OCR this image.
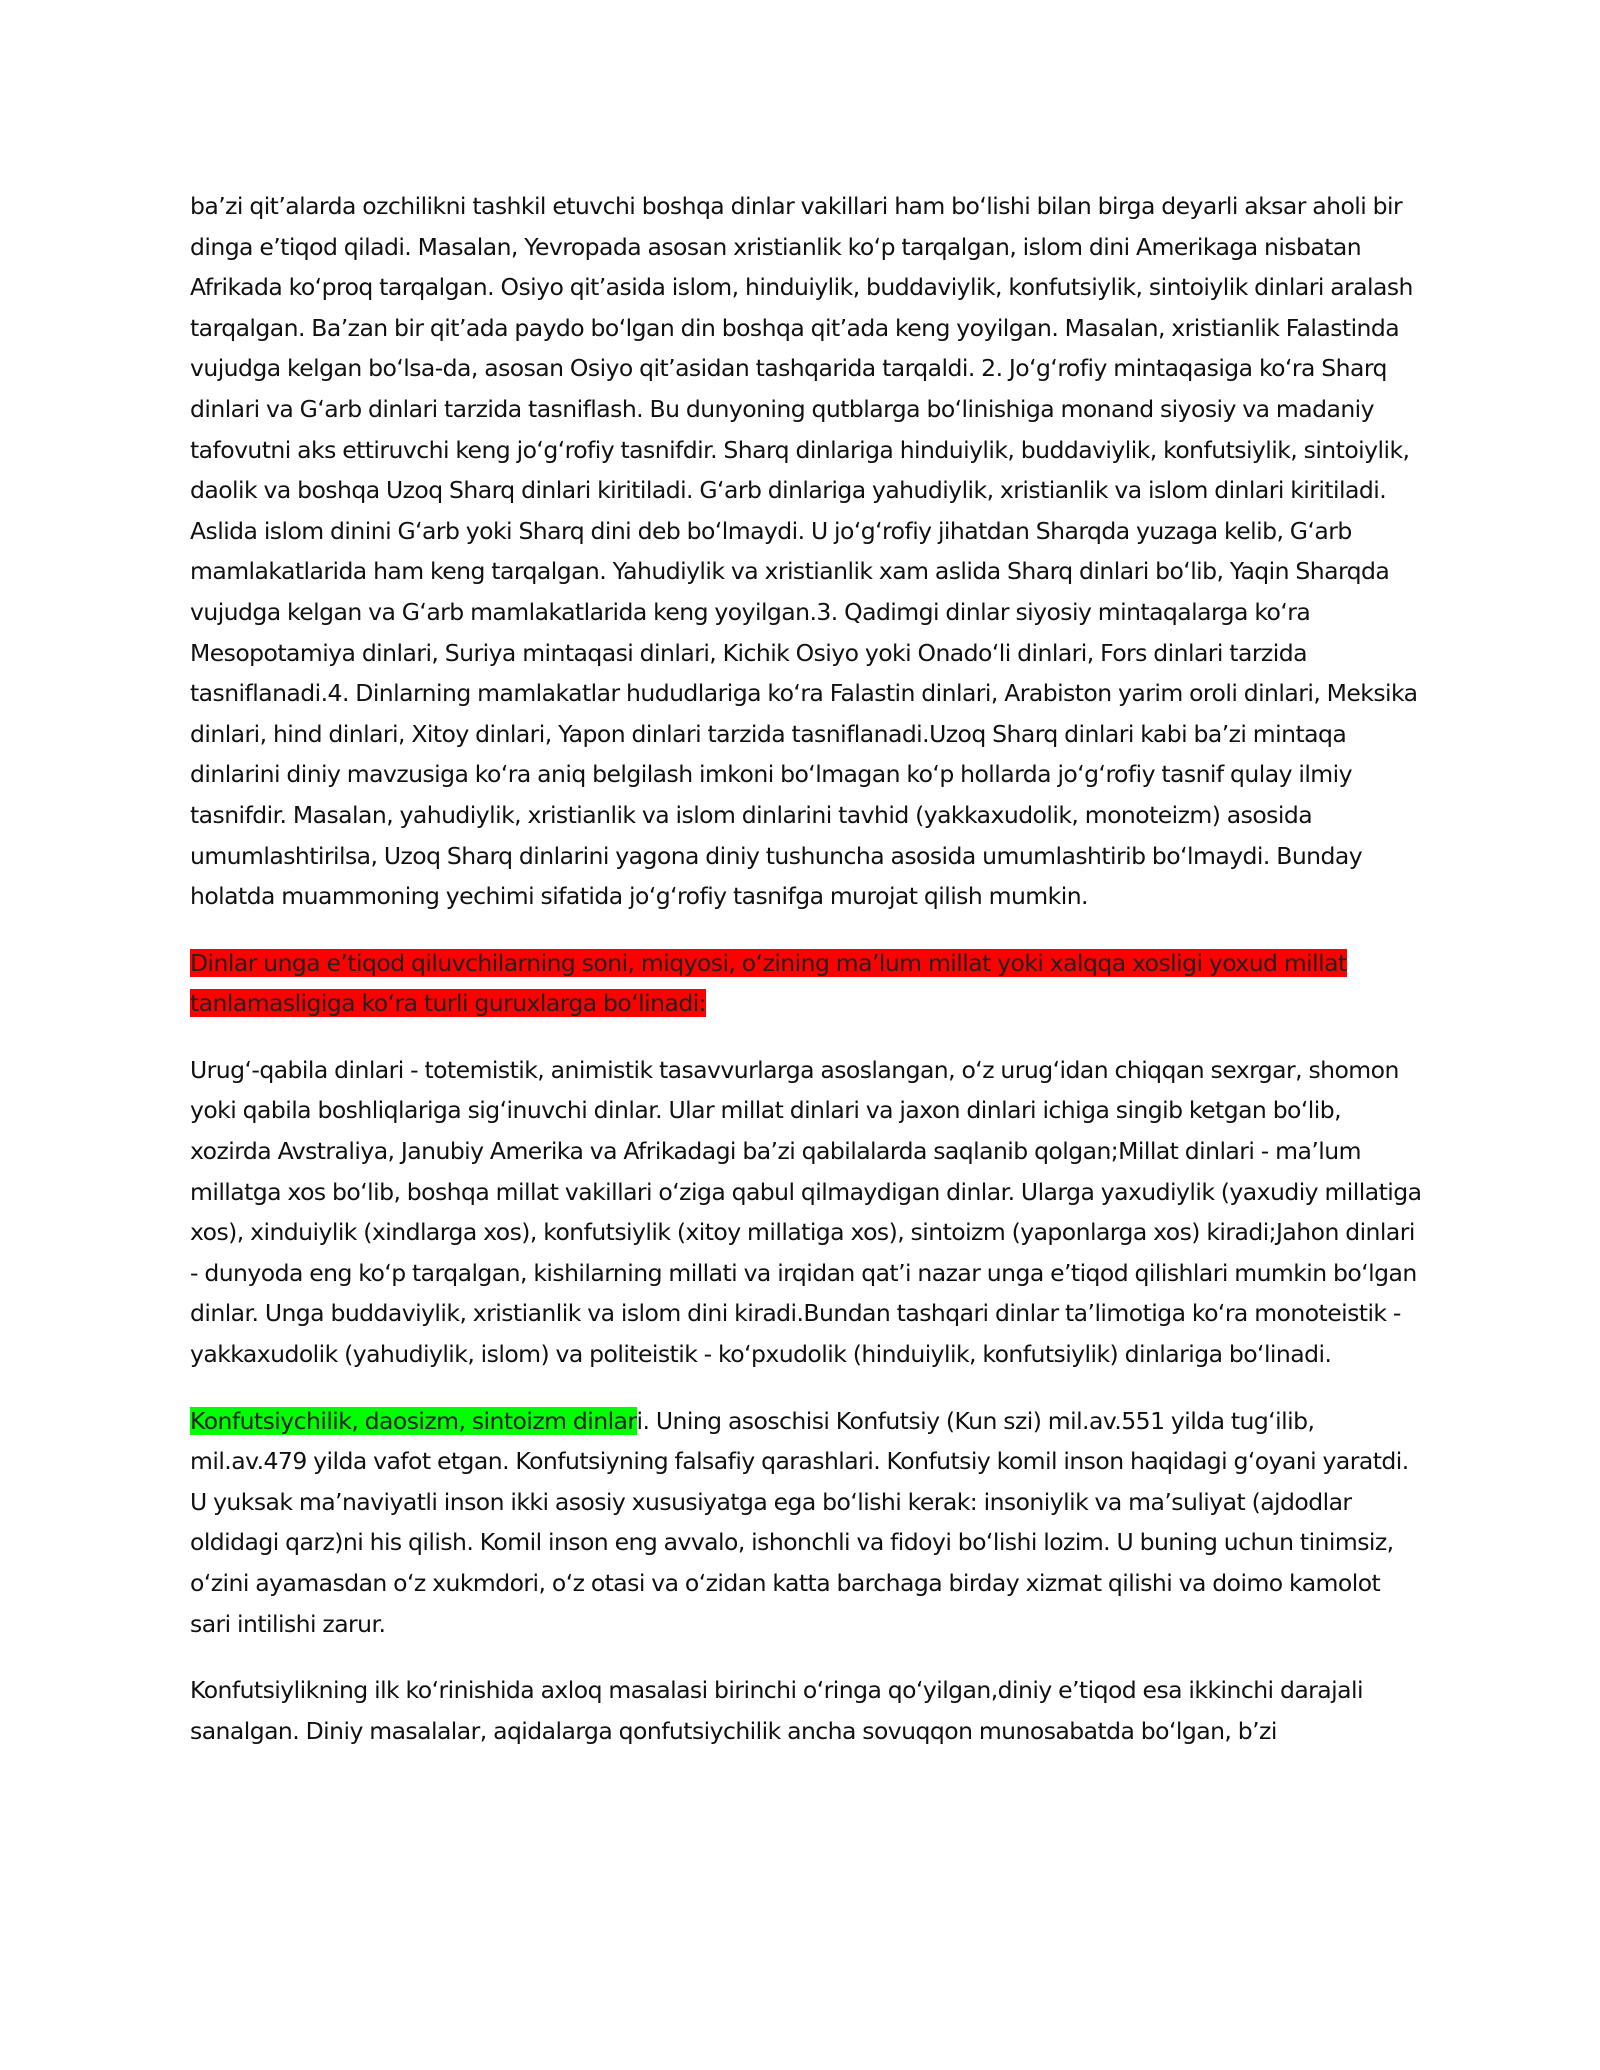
ba’zi qit’alarda ozchilikni tashkil etuvchi boshqa dinlar vakillari ham boʻlishi bilan birga deyarli aksar aholi bir dinga e’tiqod qiladi. Masalan, Yevropada asosan xristianlik koʻp tarqalgan, islom dini Amerikaga nisbatan Afrikada koʻproq tarqalgan. Osiyo qit’asida islom, hinduiylik, buddaviylik, konfutsiylik, sintoiylik dinlari aralash tarqalgan. Ba’zan bir qit’ada paydo boʻlgan din boshqa qit’ada keng yoyilgan. Masalan, xristianlik Falastinda vujudga kelgan boʻlsa-da, asosan Osiyo qit’asidan tashqarida tarqaldi. 2. Joʻgʻrofiy mintaqasiga koʻra Sharq dinlari va Gʻarb dinlari tarzida tasniflash. Bu dunyoning qutblarga boʻlinishiga monand siyosiy va madaniy tafovutni aks ettiruvchi keng joʻgʻrofiy tasnifdir. Sharq dinlariga hinduiylik, buddaviylik, konfutsiylik, sintoiylik, daolik va boshqa Uzoq Sharq dinlari kiritiladi. Gʻarb dinlariga yahudiylik, xristianlik va islom dinlari kiritiladi. Aslida islom dinini Gʻarb yoki Sharq dini deb boʻlmaydi. U joʻgʻrofiy jihatdan Sharqda yuzaga kelib, Gʻarb mamlakatlarida ham keng tarqalgan. Yahudiylik va xristianlik xam aslida Sharq dinlari boʻlib, Yaqin Sharqda vujudga kelgan va Gʻarb mamlakatlarida keng yoyilgan.3. Qadimgi dinlar siyosiy mintaqalarga koʻra Mesopotamiya dinlari, Suriya mintaqasi dinlari, Kichik Osiyo yoki Onadoʻli dinlari, Fors dinlari tarzida tasniflanadi.4. Dinlarning mamlakatlar hududlariga koʻra Falastin dinlari, Arabiston yarim oroli dinlari, Meksika dinlari, hind dinlari, Xitoy dinlari, Yapon dinlari tarzida tasniflanadi.Uzoq Sharq dinlari kabi ba’zi mintaqa dinlarini diniy mavzusiga koʻra aniq belgilash imkoni boʻlmagan koʻp hollarda joʻgʻrofiy tasnif qulay ilmiy tasnifdir. Masalan, yahudiylik, xristianlik va islom dinlarini tavhid (yakkaxudolik, monoteizm) asosida umumlashtirilsa, Uzoq Sharq dinlarini yagona diniy tushuncha asosida umumlashtirib boʻlmaydi. Bunday holatda muammoning yechimi sifatida joʻgʻrofiy tasnifga murojat qilish mumkin.

Dinlar unga e’tiqod qiluvchilarning soni, miqyosi, oʻzining ma’lum millat yoki xalqqa xosligi yoxud millat tanlamasligiga koʻra turli guruxlarga boʻlinadi:

Urugʻ-qabila dinlari - totemistik, animistik tasavvurlarga asoslangan, oʻz urugʻidan chiqqan sexrgar, shomon yoki qabila boshliqlariga sigʻinuvchi dinlar. Ular millat dinlari va jaxon dinlari ichiga singib ketgan boʻlib, xozirda Avstraliya, Janubiy Amerika va Afrikadagi ba’zi qabilalarda saqlanib qolgan;Millat dinlari - ma’lum millatga xos boʻlib, boshqa millat vakillari oʻziga qabul qilmaydigan dinlar. Ularga yaxudiylik (yaxudiy millatiga xos), xinduiylik (xindlarga xos), konfutsiylik (xitoy millatiga xos), sintoizm (yaponlarga xos) kiradi;Jahon dinlari - dunyoda eng koʻp tarqalgan, kishilarning millati va irqidan qat’i nazar unga e’tiqod qilishlari mumkin boʻlgan dinlar. Unga buddaviylik, xristianlik va islom dini kiradi.Bundan tashqari dinlar ta’limotiga koʻra monoteistik - yakkaxudolik (yahudiylik, islom) va politeistik - koʻpxudolik (hinduiylik, konfutsiylik) dinlariga boʻlinadi.

Konfutsiychilik, daosizm, sintoizm dinlari. Uning asoschisi Konfutsiy (Kun szi) mil.av.551 yilda tugʻilib, mil.av.479 yilda vafot etgan. Konfutsiyning falsafiy qarashlari. Konfutsiy komil inson haqidagi gʻoyani yaratdi. U yuksak ma’naviyatli inson ikki asosiy xususiyatga ega boʻlishi kerak: insoniylik va ma’suliyat (ajdodlar oldidagi qarz)ni his qilish. Komil inson eng avvalo, ishonchli va fidoyi boʻlishi lozim. U buning uchun tinimsiz, oʻzini ayamasdan oʻz xukmdori, oʻz otasi va oʻzidan katta barchaga birday xizmat qilishi va doimo kamolot sari intilishi zarur.

Konfutsiylikning ilk koʻrinishida axloq masalasi birinchi oʻringa qoʻyilgan,diniy e’tiqod esa ikkinchi darajali sanalgan. Diniy masalalar, aqidalarga qonfutsiychilik ancha sovuqqon munosabatda boʻlgan, b’zi
